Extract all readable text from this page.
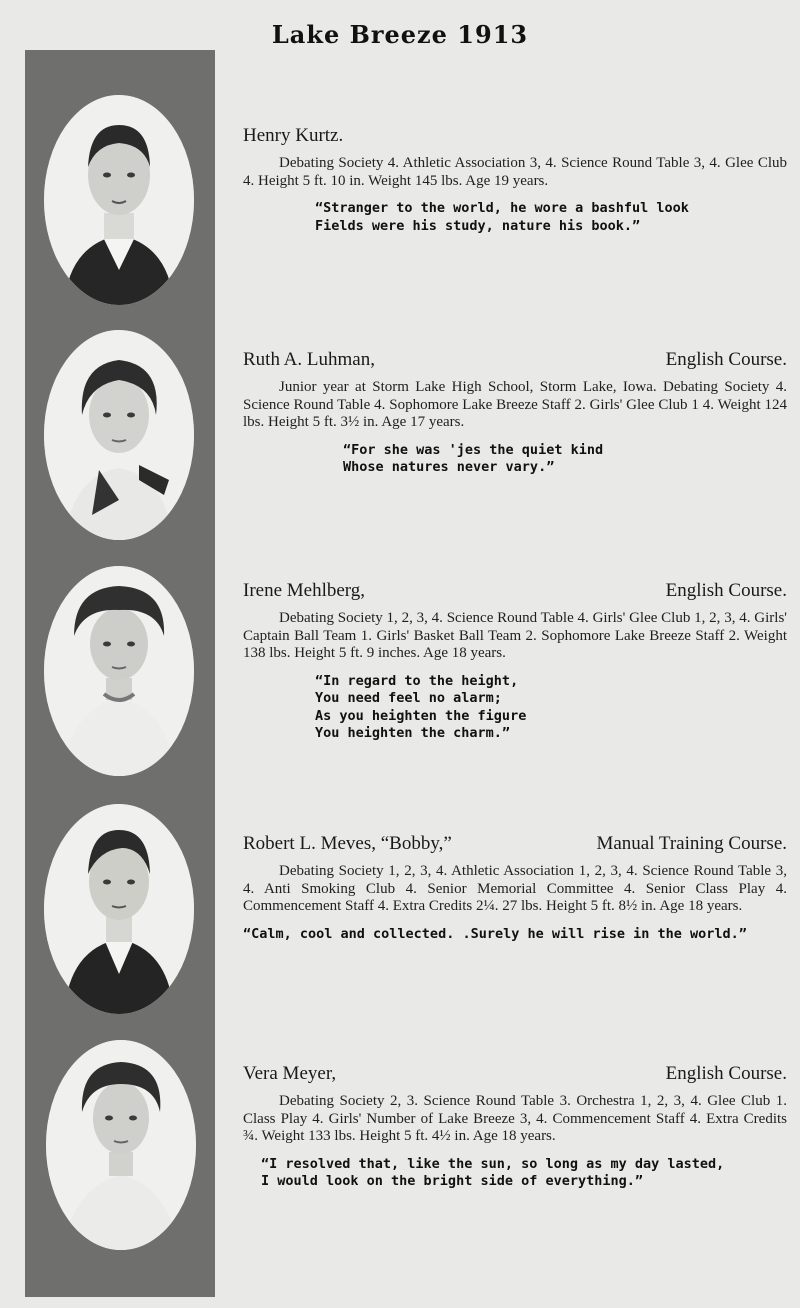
Lake Breeze 1913
Henry Kurtz.

Debating Society 4. Athletic Association 3, 4. Science Round Table 3, 4. Glee Club 4. Height 5 ft. 10 in. Weight 145 lbs. Age 19 years.

“Stranger to the world, he wore a bashful look
Fields were his study, nature his book.”
Ruth A. Luhman,	English Course.

Junior year at Storm Lake High School, Storm Lake, Iowa. Debating Society 4. Science Round Table 4. Sophomore Lake Breeze Staff 2. Girls' Glee Club 1 4. Weight 124 lbs. Height 5 ft. 3½ in. Age 17 years.

“For she was 'jes the quiet kind
Whose natures never vary.”
Irene Mehlberg,	English Course.

Debating Society 1, 2, 3, 4. Science Round Table 4. Girls' Glee Club 1, 2, 3, 4. Girls' Captain Ball Team 1. Girls' Basket Ball Team 2. Sophomore Lake Breeze Staff 2. Weight 138 lbs. Height 5 ft. 9 inches. Age 18 years.

“In regard to the height,
You need feel no alarm;
As you heighten the figure
You heighten the charm.”
Robert L. Meves, “Bobby,”	Manual Training Course.

Debating Society 1, 2, 3, 4. Athletic Association 1, 2, 3, 4. Science Round Table 3, 4. Anti Smoking Club 4. Senior Memorial Committee 4. Senior Class Play 4. Commencement Staff 4. Extra Credits 2¼. 27 lbs. Height 5 ft. 8½ in. Age 18 years.

“Calm, cool and collected. .Surely he will rise in the world.”
Vera Meyer,	English Course.

Debating Society 2, 3. Science Round Table 3. Orchestra 1, 2, 3, 4. Glee Club 1. Class Play 4. Girls' Number of Lake Breeze 3, 4. Commencement Staff 4. Extra Credits ¾. Weight 133 lbs. Height 5 ft. 4½ in. Age 18 years.

“I resolved that, like the sun, so long as my day lasted,
I would look on the bright side of everything.”
